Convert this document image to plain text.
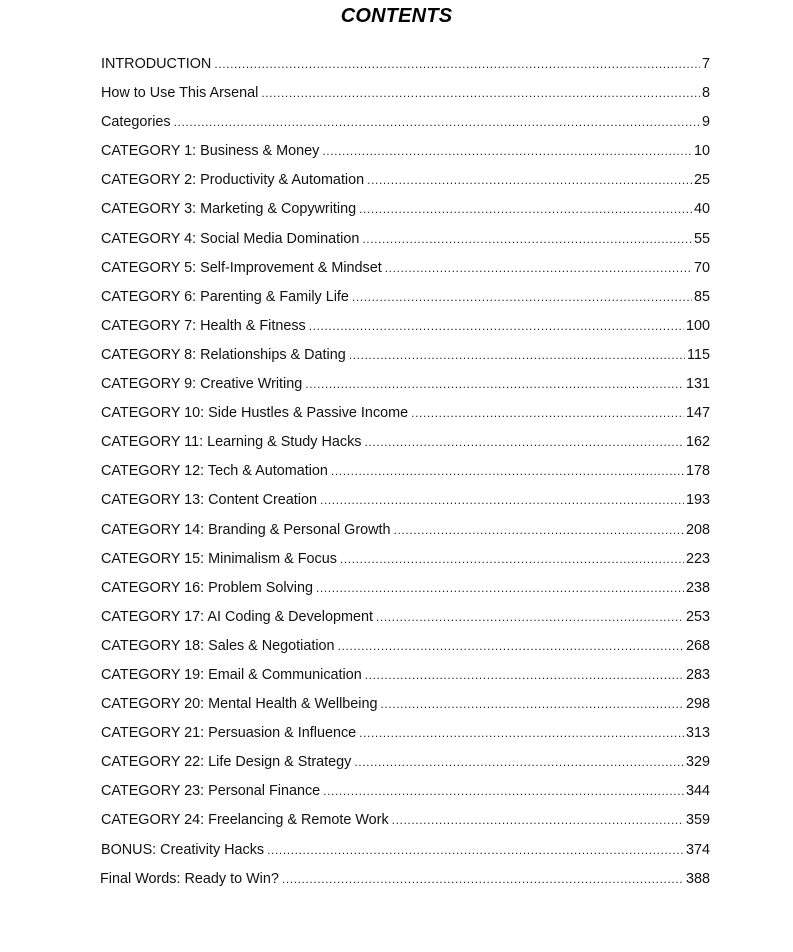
CONTENTS
INTRODUCTION .....	7
How to Use This Arsenal .....	8
Categories .....	9
CATEGORY 1: Business & Money .....	10
CATEGORY 2: Productivity & Automation .....	25
CATEGORY 3: Marketing & Copywriting .....	40
CATEGORY 4: Social Media Domination .....	55
CATEGORY 5: Self-Improvement & Mindset .....	70
CATEGORY 6: Parenting & Family Life .....	85
CATEGORY 7: Health & Fitness .....	100
CATEGORY 8: Relationships & Dating .....	115
CATEGORY 9: Creative Writing .....	131
CATEGORY 10: Side Hustles & Passive Income .....	147
CATEGORY 11: Learning & Study Hacks .....	162
CATEGORY 12: Tech & Automation .....	178
CATEGORY 13: Content Creation .....	193
CATEGORY 14: Branding & Personal Growth .....	208
CATEGORY 15: Minimalism & Focus .....	223
CATEGORY 16: Problem Solving .....	238
CATEGORY 17: AI Coding & Development .....	253
CATEGORY 18: Sales & Negotiation .....	268
CATEGORY 19: Email & Communication .....	283
CATEGORY 20: Mental Health & Wellbeing .....	298
CATEGORY 21: Persuasion & Influence .....	313
CATEGORY 22: Life Design & Strategy .....	329
CATEGORY 23: Personal Finance .....	344
CATEGORY 24: Freelancing & Remote Work .....	359
BONUS: Creativity Hacks .....	374
Final Words: Ready to Win? .....	388
